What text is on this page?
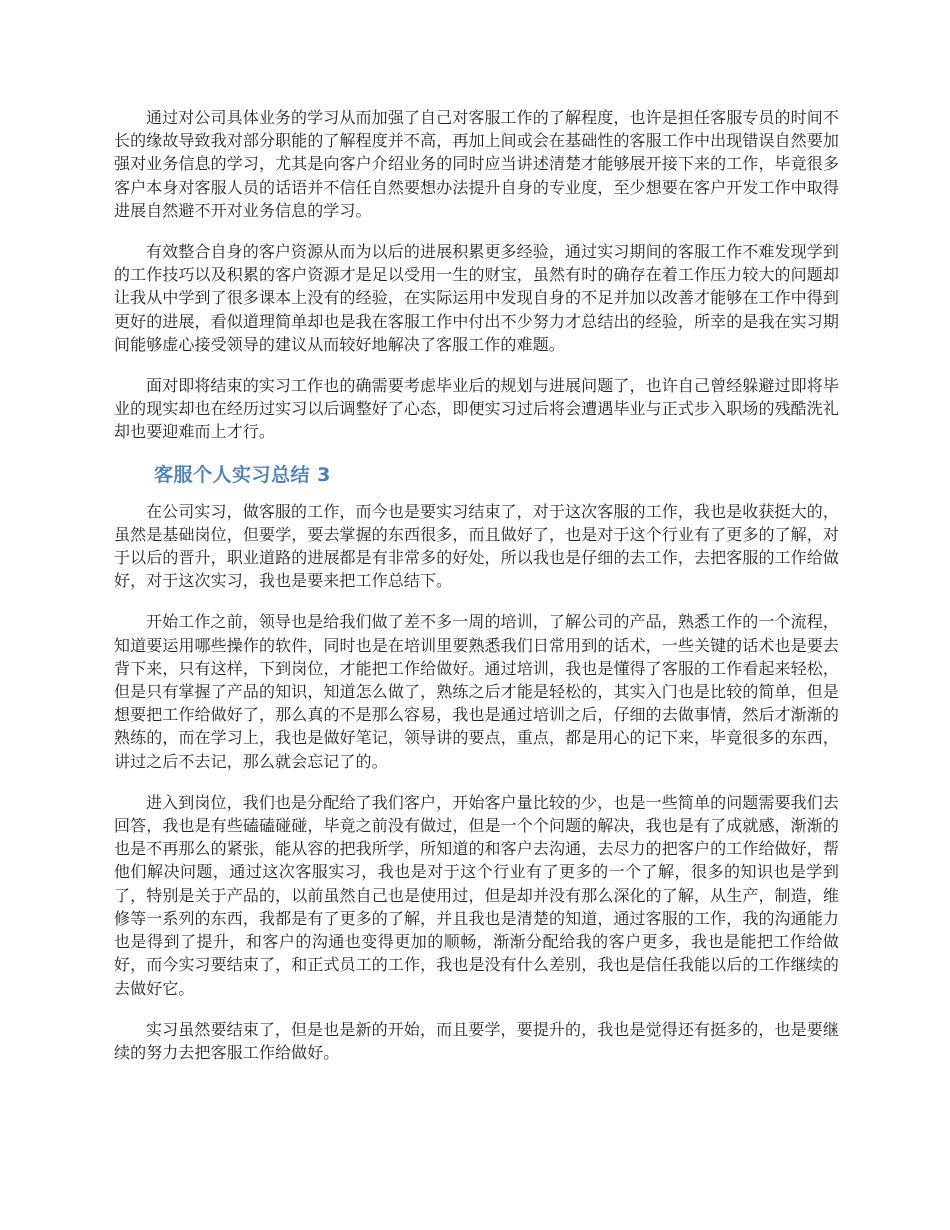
通过对公司具体业务的学习从而加强了自己对客服工作的了解程度，也许是担任客服专员的时间不长的缘故导致我对部分职能的了解程度并不高，再加上间或会在基础性的客服工作中出现错误自然要加强对业务信息的学习，尤其是向客户介绍业务的同时应当讲述清楚才能够展开接下来的工作，毕竟很多客户本身对客服人员的话语并不信任自然要想办法提升自身的专业度，至少想要在客户开发工作中取得进展自然避不开对业务信息的学习。

有效整合自身的客户资源从而为以后的进展积累更多经验，通过实习期间的客服工作不难发现学到的工作技巧以及积累的客户资源才是足以受用一生的财宝，虽然有时的确存在着工作压力较大的问题却让我从中学到了很多课本上没有的经验，在实际运用中发现自身的不足并加以改善才能够在工作中得到更好的进展，看似道理简单却也是我在客服工作中付出不少努力才总结出的经验，所幸的是我在实习期间能够虚心接受领导的建议从而较好地解决了客服工作的难题。

面对即将结束的实习工作也的确需要考虑毕业后的规划与进展问题了，也许自己曾经躲避过即将毕业的现实却也在经历过实习以后调整好了心态，即便实习过后将会遭遇毕业与正式步入职场的残酷洗礼却也要迎难而上才行。

客服个人实习总结 3

在公司实习，做客服的工作，而今也是要实习结束了，对于这次客服的工作，我也是收获挺大的，虽然是基础岗位，但要学，要去掌握的东西很多，而且做好了，也是对于这个行业有了更多的了解，对于以后的晋升，职业道路的进展都是有非常多的好处，所以我也是仔细的去工作，去把客服的工作给做好，对于这次实习，我也是要来把工作总结下。

开始工作之前，领导也是给我们做了差不多一周的培训，了解公司的产品，熟悉工作的一个流程，知道要运用哪些操作的软件，同时也是在培训里要熟悉我们日常用到的话术，一些关键的话术也是要去背下来，只有这样，下到岗位，才能把工作给做好。通过培训，我也是懂得了客服的工作看起来轻松，但是只有掌握了产品的知识，知道怎么做了，熟练之后才能是轻松的，其实入门也是比较的简单，但是想要把工作给做好了，那么真的不是那么容易，我也是通过培训之后，仔细的去做事情，然后才渐渐的熟练的，而在学习上，我也是做好笔记，领导讲的要点，重点，都是用心的记下来，毕竟很多的东西，讲过之后不去记，那么就会忘记了的。

进入到岗位，我们也是分配给了我们客户，开始客户量比较的少，也是一些简单的问题需要我们去回答，我也是有些磕磕碰碰，毕竟之前没有做过，但是一个个问题的解决，我也是有了成就感，渐渐的也是不再那么的紧张，能从容的把我所学，所知道的和客户去沟通，去尽力的把客户的工作给做好，帮他们解决问题，通过这次客服实习，我也是对于这个行业有了更多的一个了解，很多的知识也是学到了，特别是关于产品的，以前虽然自己也是使用过，但是却并没有那么深化的了解，从生产，制造，维修等一系列的东西，我都是有了更多的了解，并且我也是清楚的知道，通过客服的工作，我的沟通能力也是得到了提升，和客户的沟通也变得更加的顺畅，渐渐分配给我的客户更多，我也是能把工作给做好，而今实习要结束了，和正式员工的工作，我也是没有什么差别，我也是信任我能以后的工作继续的去做好它。

实习虽然要结束了，但是也是新的开始，而且要学，要提升的，我也是觉得还有挺多的，也是要继续的努力去把客服工作给做好。
